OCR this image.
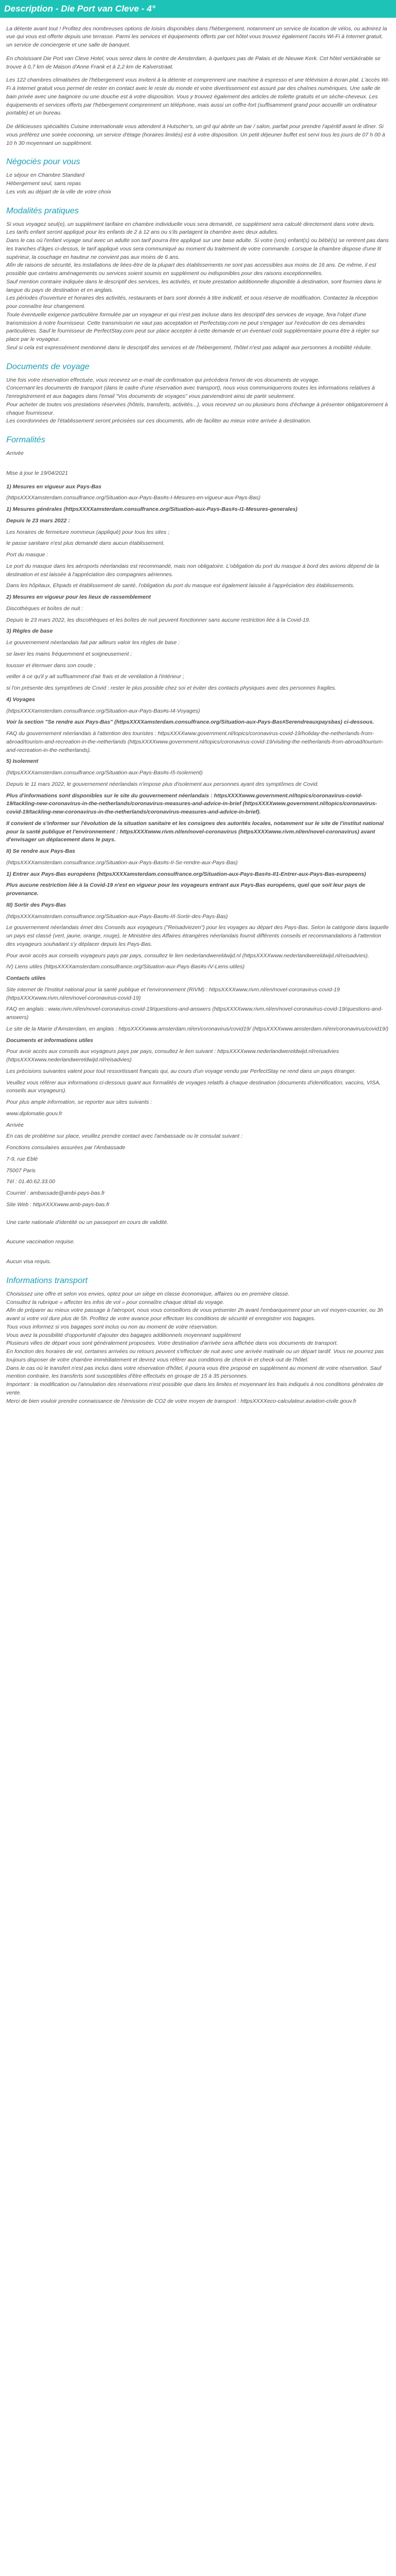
Description - Die Port van Cleve - 4°

La détente avant tout ! Profitez des nombreuses options de loisirs disponibles dans l'hébergement, notamment un service de location de vélos, ou admirez la vue qui vous est offerte depuis une terrasse. Parmi les services et équipements offerts par cet hôtel vous trouvez également l'accès Wi-Fi à Internet gratuit, un service de conciergerie et une salle de banquet.

En choisissant Die Port van Cleve Hotel, vous serez dans le centre de Amsterdam, à quelques pas de Palais et de Nieuwe Kerk. Cet hôtel vertùkérable se trouve à 0,7 km de Maison d'Anne Frank et à 2,2 km de Kalverstraat.

Les 122 chambres climatisées de l'hébergement vous invitent à la détente et comprennent une machine à espresso et une télévision à écran plat. L'accès Wi-Fi à Internet gratuit vous permet de rester en contact avec le reste du monde et votre divertissement est assuré par des chaînes numériques. Une salle de bain privée avec une baignoire ou une douche est à votre disposition. Vous y trouvez également des articles de toilette gratuits et un sèche-cheveux. Les équipements et services offerts par l'hébergement comprennent un téléphone, mais aussi un coffre-fort (suffisamment grand pour accueillir un ordinateur portable) et un bureau.

De délicieuses spécialités Cuisine internationale vous attendent à Hutscher's, un gril qui abrite un bar / salon, parfait pour prendre l'apéritif avant le dîner. Si vous préférez une soirée cocooning, un service d'étage (horaires limités) est à votre disposition. Un petit déjeuner buffet est servi tous les jours de 07 h 00 à 10 h 30 moyennant un supplément.

Négociés pour vous

Le séjour en Chambre Standard

Hébergement seul, sans repas

Les vols au départ de la ville de votre choix

Modalités pratiques

Si vous voyagez seul(e), un supplément tarifaire en chambre individuelle vous sera demandé, ce supplément sera calculé directement dans votre devis.

Les tarifs enfant seront appliqué pour les enfants de 2 à 12 ans ou s'ils partagent la chambre avec deux adultes.

Dans le cas où l'enfant voyage seul avec un adulte son tarif pourra être appliqué sur une base adulte. Si votre (vos) enfant(s) ou bébé(s) se rentrent pas dans les tranches d'âges ci-dessus, le tarif appliqué vous sera communiqué au moment du traitement de votre commande. Lorsque la chambre dispose d'une lit supérieur, la couchage en hauteur ne convient pas aux moins de 6 ans.

Afin de raisons de sécurité, les installations de liées-être de la plupart des établissements ne sont pas accessibles aux moins de 16 ans. De même, il est possible que certains aménagements ou services soient soumis en supplément ou indisponibles pour des raisons exceptionnelles.

Sauf mention contraire indiquée dans le descriptif des services, les activités, et toute prestation additionnelle disponible à destination, sont fournies dans le langue du pays de destination et en anglais.

Les périodes d'ouverture et horaires des activités, restaurants et bars sont donnés à titre indicatif, et sous réserve de modification. Contactez la réception pour connaître leur changement.

Toute éventuelle exigence particulière formulée par un voyageur et qui n'est pas incluse dans les descriptif des services de voyage, fera l'objet d'une transmission à notre fournisseur. Cette transmission ne vaut pas acceptation et Perfectstay.com ne peut s'engager sur l'exécution de ces demandes particulières. Sauf le fournisseur de PerfectStay.com peut sur place accepter à cette demande et un éventuel coût supplémentaire pourra être à régler sur place par le voyageur.

Seul si cela est expressément mentionné dans le descriptif des services et de l'hébergement, l'hôtel n'est pas adapté aux personnes à mobilité réduite.

Documents de voyage

Une fois votre réservation effectuée, vous recevrez un e-mail de confirmation qui précédera l'envoi de vos documents de voyage.

Concernant les documents de transport (dans le cadre d'une réservation avec transport), nous vous communiquerons toutes les informations relatives à l'enregistrement et aux bagages dans l'email "Vos documents de voyages" vous parviendront ainsi de partir seulement.

Pour acheter de toutes vos prestations réservées (hôtels, transferts, activités...), vous recevrez un ou plusieurs bons d'échange à présenter obligatoirement à chaque fournisseur.

Les coordonnées de l'établissement seront précisées sur ces documents, afin de faciliter au mieux votre arrivée à destination.

Formalités

Arrivée

Mise à jour le 19/04/2021

1) Mesures en vigueur aux Pays-Bas

(httpsXXXXamsterdam.consulfrance.org/Situation-aux-Pays-Bas#s-I-Mesures-en-vigueur-aux-Pays-Bas)

1) Mesures générales (httpsXXXXamsterdam.consulfrance.org/Situation-aux-Pays-Bas#s-I1-Mesures-generales)

Depuis le 23 mars 2022 :

Les horaires de fermeture nommeux (appliqué) pour tous les sites ;

le passe sanitaire n'est plus demandé dans aucun établissement.

Port du masque :

Le port du masque dans les aéroports néerlandais est recommandé, mais non obligatoire. L'obligation du port du masque à bord des avions dépend de la destination et est laissée à l'appréciation des compagnies aériennes.

Dans les hôpitaux, Ehpads et établissement de santé, l'obligation du port du masque est également laissée à l'appréciation des établissements.

2) Mesures en vigueur pour les lieux de rassemblement

Discothèques et boîtes de nuit :

Depuis le 23 mars 2022, les discothèques et les boîtes de nuit peuvent fonctionner sans aucune restriction liée à la Covid-19.

3) Règles de base

Le gouvernement néerlandais fait par ailleurs valoir les règles de base :

se laver les mains fréquemment et soigneusement ;

tousser et éternuer dans son coude ;

veiller à ce qu'il y ait suffisamment d'air frais et de ventilation à l'intérieur ;

si l'on présente des symptômes de Covid : rester le plus possible chez soi et éviter des contacts physiques avec des personnes fragiles.

4) Voyages

(httpsXXXXamsterdam.consulfrance.org/Situation-aux-Pays-Bas#s-I4-Voyages)

Voir la section "Se rendre aux Pays-Bas" (httpsXXXXamsterdam.consulfrance.org/Situation-aux-Pays-Bas#Serendreauxpaysbas) ci-dessous.

FAQ du gouvernement néerlandais à l'attention des touristes : httpsXXXXwww.government.nl/topics/coronavirus-covid-19/holiday-the-netherlands-from-abroad/tourism-and-recreation-in-the-netherlands (httpsXXXXwww.government.nl/topics/coronavirus-covid-19/visiting-the-netherlands-from-abroad/tourism-and-recreation-in-the-netherlands).

5) Isolement

(httpsXXXXamsterdam.consulfrance.org/Situation-aux-Pays-Bas#s-I5-Isolement)

Depuis le 11 mars 2022, le gouvernement néerlandais n'impose plus d'isolement aux personnes ayant des symptômes de Covid.

Plus d'informations sont disponibles sur le site du gouvernement néerlandais : httpsXXXXwww.government.nl/topics/coronavirus-covid-19/tackling-new-coronavirus-in-the-netherlands/coronavirus-measures-and-advice-in-brief (httpsXXXXwww.government.nl/topics/coronavirus-covid-19/tackling-new-coronavirus-in-the-netherlands/coronavirus-measures-and-advice-in-brief).

Il convient de s'informer sur l'évolution de la situation sanitaire et les consignes des autorités locales, notamment sur le site de l'institut national pour la santé publique et l'environnement : httpsXXXXwww.rivm.nl/en/novel-coronavirus (httpsXXXXwww.rivm.nl/en/novel-coronavirus) avant d'envisager un déplacement dans le pays.

II) Se rendre aux Pays-Bas

(httpsXXXXamsterdam.consulfrance.org/Situation-aux-Pays-Bas#s-II-Se-rendre-aux-Pays-Bas)

1) Entrer aux Pays-Bas européens (httpsXXXXamsterdam.consulfrance.org/Situation-aux-Pays-Bas#s-II1-Entrer-aux-Pays-Bas-europeens)

Plus aucune restriction liée à la Covid-19 n'est en vigueur pour les voyageurs entrant aux Pays-Bas européens, quel que soit leur pays de provenance.

III) Sortir des Pays-Bas

(httpsXXXXamsterdam.consulfrance.org/Situation-aux-Pays-Bas#s-III-Sortir-des-Pays-Bas)

Le gouvernement néerlandais émet des Conseils aux voyageurs ("Reisadviezen") pour les voyages au départ des Pays-Bas. Selon la catégorie dans laquelle un pays est classé (vert, jaune, orange, rouge), le Ministère des Affaires étrangères néerlandais fournit différents conseils et recommandations à l'attention des voyageurs souhaitant s'y déplacer depuis les Pays-Bas.

Pour avoir accès aux conseils voyageurs pays par pays, consultez le lien nederlandwereldwijd.nl (httpsXXXXwww.nederlandwereldwijd.nl/reisadvies).

IV) Liens utiles (httpsXXXXamsterdam.consulfrance.org/Situation-aux-Pays-Bas#s-IV-Liens-utiles)

Contacts utiles

Site internet de l'Institut national pour la santé publique et l'environnement (RIVM) : httpsXXXXwww.rivm.nl/en/novel-coronavirus-covid-19 (httpsXXXXwww.rivm.nl/en/novel-coronavirus-covid-19)

FAQ en anglais : www.rivm.nl/en/novel-coronavirus-covid-19/questions-and-answers (httpsXXXXwww.rivm.nl/en/novel-coronavirus-covid-19/questions-and-answers)

Le site de la Mairie d'Amsterdam, en anglais : httpsXXXXwww.amsterdam.nl/en/coronavirus/covid19/ (httpsXXXXwww.amsterdam.nl/en/coronavirus/covid19/)

Documents et informations utiles

Pour avoir accès aux conseils aux voyageurs pays par pays, consultez le lien suivant : httpsXXXXwww.nederlandwereldwijd.nl/reisadvies (httpsXXXXwww.nederlandwereldwijd.nl/reisadvies)

Les précisions suivantes valent pour tout ressortissant français qui, au cours d'un voyage vendu par PerfectStay ne rend dans un pays étranger.

Veuillez vous référer aux informations ci-dessous quant aux formalités de voyages relatifs à chaque destination (documents d'identification, vaccins, VISA, conseils aux voyageurs).

Pour plus ample information, se reporter aux sites suivants :

www.diplomatie.gouv.fr

Arrivée

En cas de problème sur place, veuillez prendre contact avec l'ambassade ou le consulat suivant :

Fonctions consulaires assurées par l'Ambassade

7-9, rue Eblé

75007 Paris

Tél : 01.40.62.33.00

Courriel : ambassade@ambi-pays-bas.fr

Site Web : httpXXXXwww.amb-pays-bas.fr

Une carte nationale d'identité ou un passeport en cours de validité.

Aucune vaccination requise.

Aucun visa requis.

Informations transport

Choisissez une offre et selon vos envies, optez pour un siège en classe économique, affaires ou en première classe.

Consultez la rubrique « affecter les infos de vol » pour connaître chaque détail du voyage.

Afin de préparer au mieux votre passage à l'aéroport, nous vous conseillons de vous présenter 2h avant l'embarquement pour un vol moyen-courrier, ou 3h avant si votre vol dure plus de 5h. Profitez de votre avance pour effectuer les conditions de sécurité et enregistrer vos bagages.

Tous vous informez si vos bagages sont inclus ou non au moment de votre réservation.

Vous avez la possibilité d'opportunité d'ajouter des bagages additionnels moyennant supplément

Plusieurs villes de départ vous sont généralement proposées. Votre destination d'arrivée sera affichée dans vos documents de transport.

En fonction des horaires de vol, certaines arrivées ou retours peuvent s'effectuer de nuit avec une arrivée matinale ou un départ tardif. Vous ne pourrez pas toujours disposer de votre chambre immédiatement et devrez vous référer aux conditions de check-in et check-out de l'hôtel.

Dans le cas où le transfert n'est pas inclus dans votre réservation d'hôtel, il pourra vous être proposé en supplément au moment de votre réservation. Sauf mention contraire, les transferts sont susceptibles d'être effectués en groupe de 15 à 35 personnes.

Important : la modification ou l'annulation des réservations n'est possible que dans les limites et moyennant les frais indiqués à nos conditions générales de vente.

Merci de bien vouloir prendre connaissance de l'émission de CO2 de votre moyen de transport : httpsXXXXeco-calculateur.aviation-civile.gouv.fr
